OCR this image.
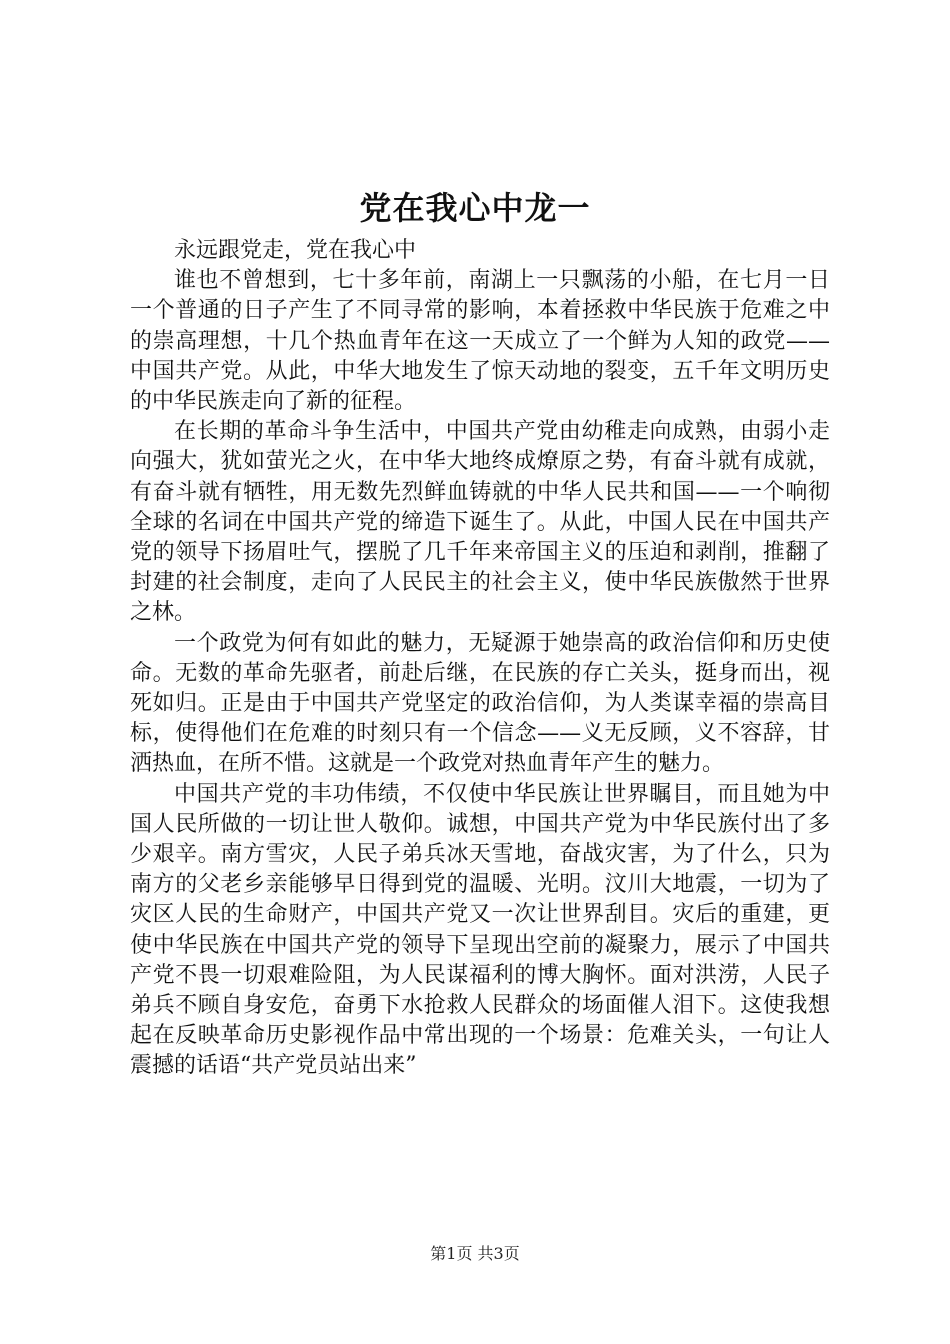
党在我心中龙一
永远跟党走，党在我心中

谁也不曾想到，七十多年前，南湖上一只飘荡的小船，在七月一日一个普通的日子产生了不同寻常的影响，本着拯救中华民族于危难之中的崇高理想，十几个热血青年在这一天成立了一个鲜为人知的政党——中国共产党。从此，中华大地发生了惊天动地的裂变，五千年文明历史的中华民族走向了新的征程。

在长期的革命斗争生活中，中国共产党由幼稚走向成熟，由弱小走向强大，犹如萤光之火，在中华大地终成燎原之势，有奋斗就有成就，有奋斗就有牺牲，用无数先烈鲜血铸就的中华人民共和国——一个响彻全球的名词在中国共产党的缔造下诞生了。从此，中国人民在中国共产党的领导下扬眉吐气，摆脱了几千年来帝国主义的压迫和剥削，推翻了封建的社会制度，走向了人民民主的社会主义，使中华民族傲然于世界之林。

一个政党为何有如此的魅力，无疑源于她崇高的政治信仰和历史使命。无数的革命先驱者，前赴后继，在民族的存亡关头，挺身而出，视死如归。正是由于中国共产党坚定的政治信仰，为人类谋幸福的崇高目标，使得他们在危难的时刻只有一个信念——义无反顾，义不容辞，甘洒热血，在所不惜。这就是一个政党对热血青年产生的魅力。

中国共产党的丰功伟绩，不仅使中华民族让世界瞩目，而且她为中国人民所做的一切让世人敬仰。诚想，中国共产党为中华民族付出了多少艰辛。南方雪灾，人民子弟兵冰天雪地，奋战灾害，为了什么，只为南方的父老乡亲能够早日得到党的温暖、光明。汶川大地震，一切为了灾区人民的生命财产，中国共产党又一次让世界刮目。灾后的重建，更使中华民族在中国共产党的领导下呈现出空前的凝聚力，展示了中国共产党不畏一切艰难险阻，为人民谋福利的博大胸怀。面对洪涝，人民子弟兵不顾自身安危，奋勇下水抢救人民群众的场面催人泪下。这使我想起在反映革命历史影视作品中常出现的一个场景：危难关头，一句让人震撼的话语“共产党员站出来”

第1页 共3页
